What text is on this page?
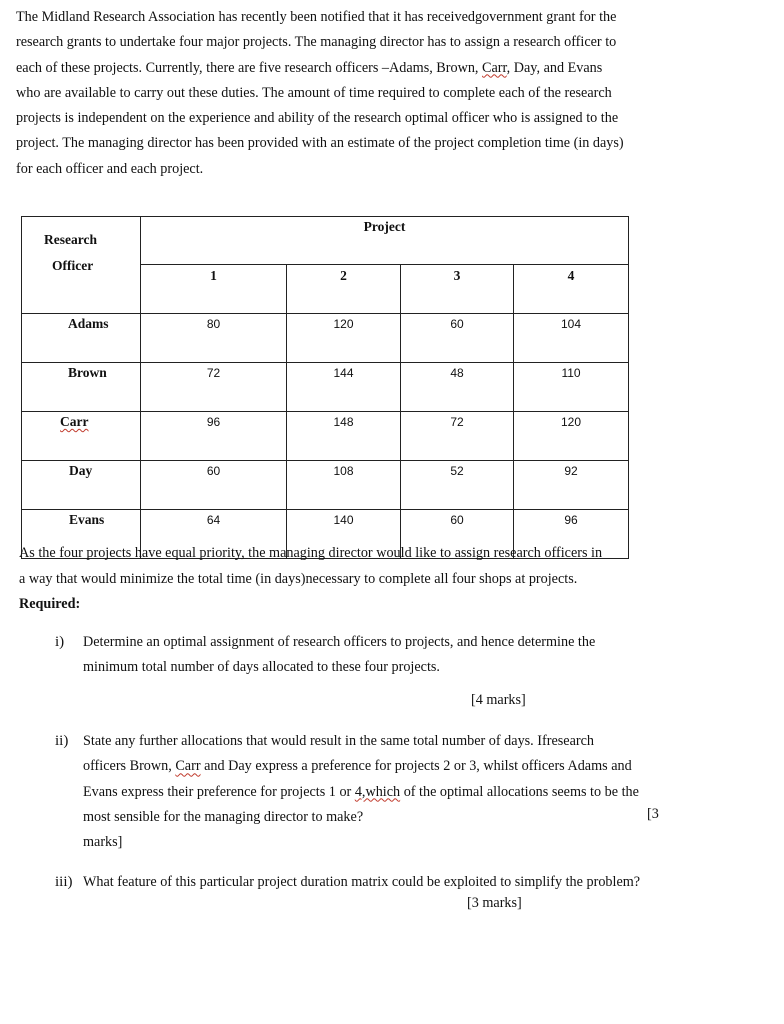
The Midland Research Association has recently been notified that it has receivedgovernment grant for the

research grants to undertake four major projects. The managing director has to assign a research officer to

each of these projects. Currently, there are five research officers –Adams, Brown, Carr, Day, and Evans

who are available to carry out these duties. The amount of time required to complete each of the research

projects is independent on the experience and ability of the research optimal officer who is assigned to the

project. The managing director has been provided with an estimate of the project completion time (in days)

for each officer and each project.

Research
Officer	Project			
	1	2	3	4
Adams	80	120	60	104
Brown	72	144	48	110
Carr	96	148	72	120
Day	60	108	52	92
Evans	64	140	60	96

As the four projects have equal priority, the managing director would like to assign research officers in

a way that would minimize the total time (in days)necessary to complete all four shops at projects.

Required:

i) Determine an optimal assignment of research officers to projects, and hence determine the
minimum total number of days allocated to these four projects.
[4 marks]
ii) State any further allocations that would result in the same total number of days. Ifresearch
officers Brown, Carr and Day express a preference for projects 2 or 3, whilst officers Adams and
Evans express their preference for projects 1 or 4,which of the optimal allocations seems to be the
most sensible for the managing director to make?
marks]
[3
iii) What feature of this particular project duration matrix could be exploited to simplify the problem?
[3 marks]
